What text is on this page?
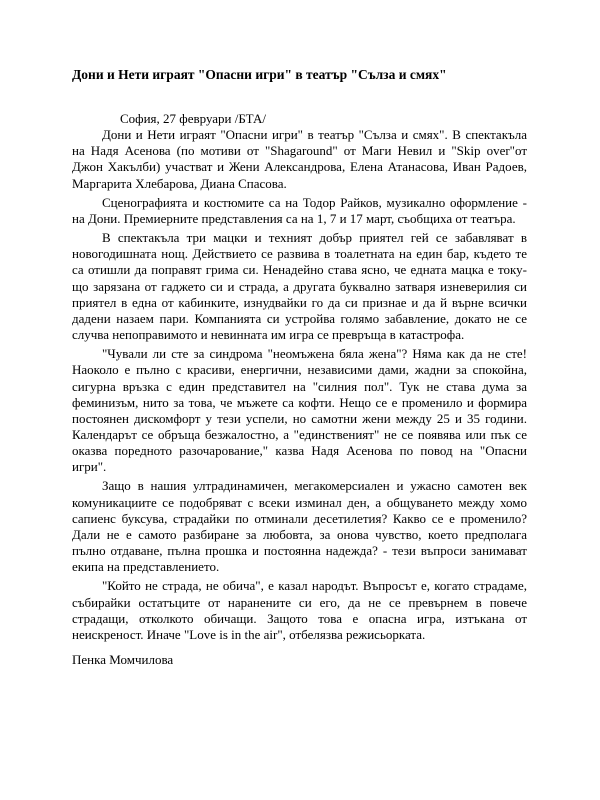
Дони и Нети играят "Опасни игри" в театър "Сълза и смях"

София, 27 февруари /БТА/

Дони и Нети играят "Опасни игри" в театър "Сълза и смях". В спектакъла на Надя Асенова (по мотиви от "Shagaround" от Маги Невил и "Skip over"от Джон Хакълби) участват и Жени Александрова, Елена Атанасова, Иван Радоев, Маргарита Хлебарова, Диана Спасова.

Сценографията и костюмите са на Тодор Райков, музикално оформление - на Дони. Премиерните представления са на 1, 7 и 17 март, съобщиха от театъра.

В спектакъла три мацки и техният добър приятел гей се забавляват в новогодишната нощ. Действието се развива в тоалетната на един бар, където те са отишли да поправят грима си. Ненадейно става ясно, че едната мацка е току-що зарязана от гаджето си и страда, а другата буквално затваря изневерилия си приятел в една от кабинките, изнудвайки го да си признае и да й върне всички дадени назаем пари. Компанията си устройва голямо забавление, докато не се случва непоправимото и невинната им игра се превръща в катастрофа.

"Чували ли сте за синдрома "неомъжена бяла жена"? Няма как да не сте! Наоколо е пълно с красиви, енергични, независими дами, жадни за спокойна, сигурна връзка с един представител на "силния пол". Тук не става дума за феминизъм, нито за това, че мъжете са кофти. Нещо се е променило и формира постоянен дискомфорт у тези успели, но самотни жени между 25 и 35 години. Календарът се обръща безжалостно, а "единственият" не се появява или пък се оказва поредното разочарование," казва Надя Асенова по повод на "Опасни игри".

Защо в нашия ултрадинамичен, мегакомерсиален и ужасно самотен век комуникациите се подобряват с всеки изминал ден, а общуването между хомо сапиенс буксува, страдайки по отминали десетилетия? Какво се е променило? Дали не е самото разбиране за любовта, за онова чувство, което предполага пълно отдаване, пълна прошка и постоянна надежда? - тези въпроси занимават екипа на представлението.

"Който не страда, не обича", е казал народът. Въпросът е, когато страдаме, събирайки остатъците от наранените си его, да не се превърнем в повече страдащи, отколкото обичащи. Защото това е опасна игра, изтъкана от неискреност. Иначе "Love is in the air", отбелязва режисьорката.

Пенка Момчилова
